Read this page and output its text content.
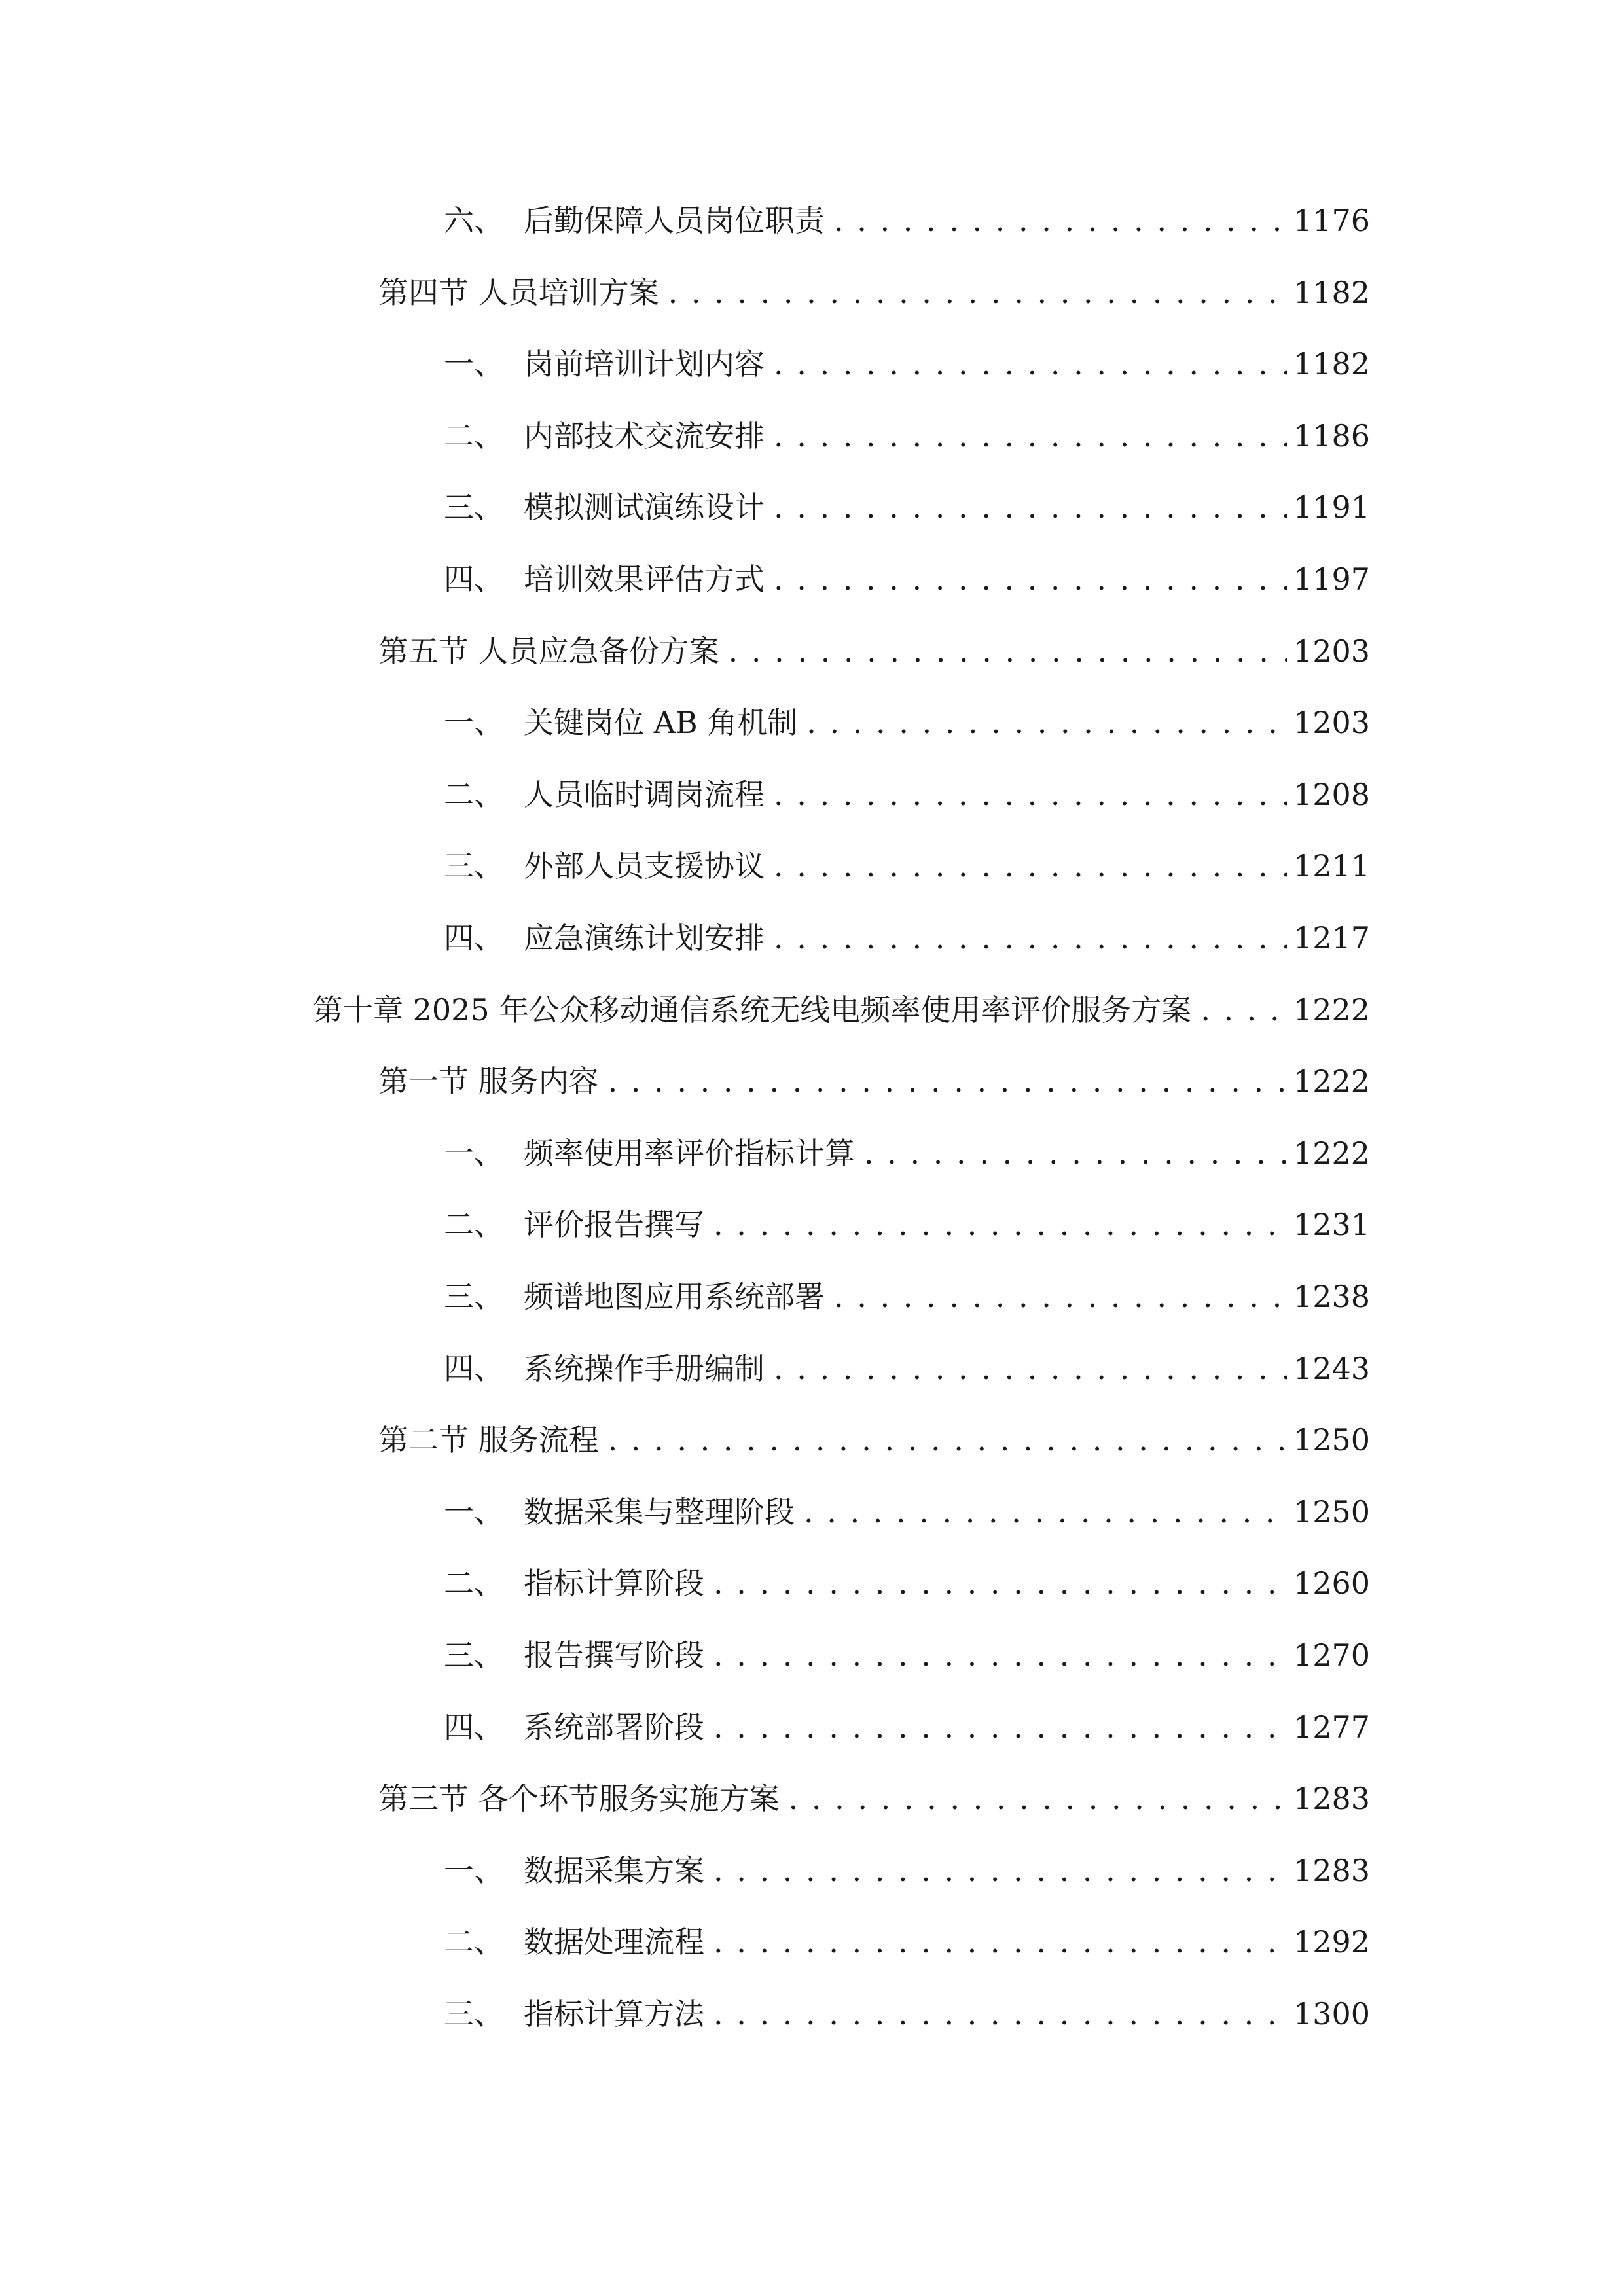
六、 后勤保障人员岗位职责 . . .	1176
第四节 人员培训方案 . . .	1182
一、 岗前培训计划内容 . . .	1182
二、 内部技术交流安排 . . .	1186
三、 模拟测试演练设计 . . .	1191
四、 培训效果评估方式 . . .	1197
第五节 人员应急备份方案 . . .	1203
一、 关键岗位 AB 角机制 . . .	1203
二、 人员临时调岗流程 . . .	1208
三、 外部人员支援协议 . . .	1211
四、 应急演练计划安排 . . .	1217
第十章 2025 年公众移动通信系统无线电频率使用率评价服务方案 . . .	1222
第一节 服务内容 . . .	1222
一、 频率使用率评价指标计算 . . .	1222
二、 评价报告撰写 . . .	1231
三、 频谱地图应用系统部署 . . .	1238
四、 系统操作手册编制 . . .	1243
第二节 服务流程 . . .	1250
一、 数据采集与整理阶段 . . .	1250
二、 指标计算阶段 . . .	1260
三、 报告撰写阶段 . . .	1270
四、 系统部署阶段 . . .	1277
第三节 各个环节服务实施方案 . . .	1283
一、 数据采集方案 . . .	1283
二、 数据处理流程 . . .	1292
三、 指标计算方法 . . .	1300
